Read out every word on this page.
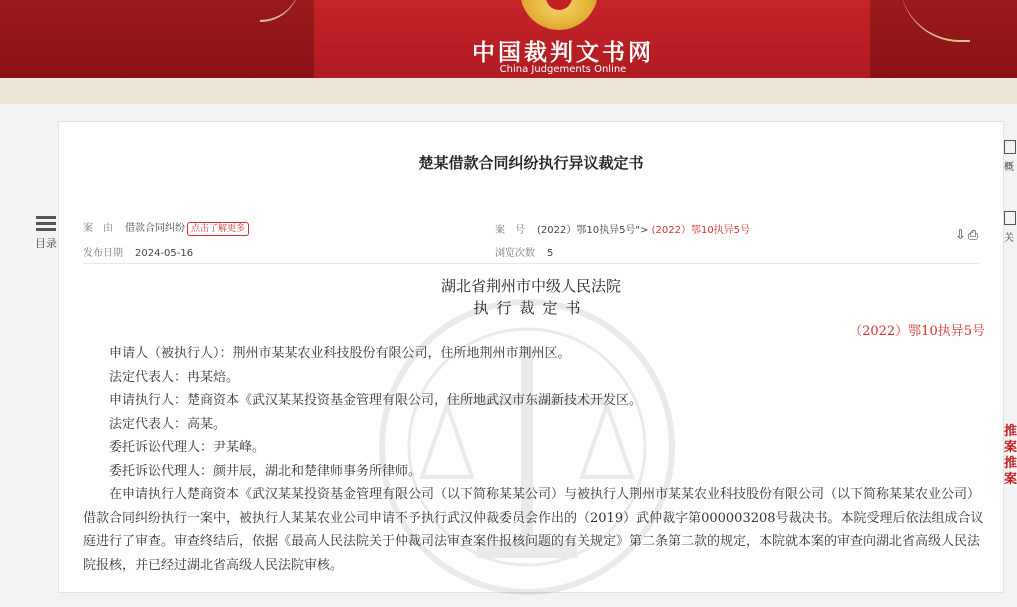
中国裁判文书网
China Judgements Online
目录
概
关
推
案
推
案
楚某借款合同纠纷执行异议裁定书
案　由 借款合同纠纷 点击了解更多	案　号 (2022）鄂10执异5号"> (2022）鄂10执异5号
发布日期 2024-05-16	浏览次数 5
⇩⎙
湖北省荆州市中级人民法院
执行裁定书
（2022）鄂10执异5号

申请人（被执行人）：荆州市某某农业科技股份有限公司，住所地荆州市荆州区。

法定代表人：冉某焙。

申请执行人：楚商资本《武汉某某投资基金管理有限公司，住所地武汉市东湖新技术开发区。

法定代表人：高某。

委托诉讼代理人：尹某峰。

委托诉讼代理人：颜井辰，湖北和楚律师事务所律师。

在申请执行人楚商资本《武汉某某投资基金管理有限公司（以下简称某某公司）与被执行人荆州市某某农业科技股份有限公司（以下简称某某农业公司）借款合同纠纷执行一案中，被执行人某某农业公司申请不予执行武汉仲裁委员会作出的（2019）武仲裁字第000003208号裁决书。本院受理后依法组成合议庭进行了审查。审查终结后，依据《最高人民法院关于仲裁司法审查案件报核问题的有关规定》第二条第二款的规定，本院就本案的审查向湖北省高级人民法院报核，并已经过湖北省高级人民法院审核。
